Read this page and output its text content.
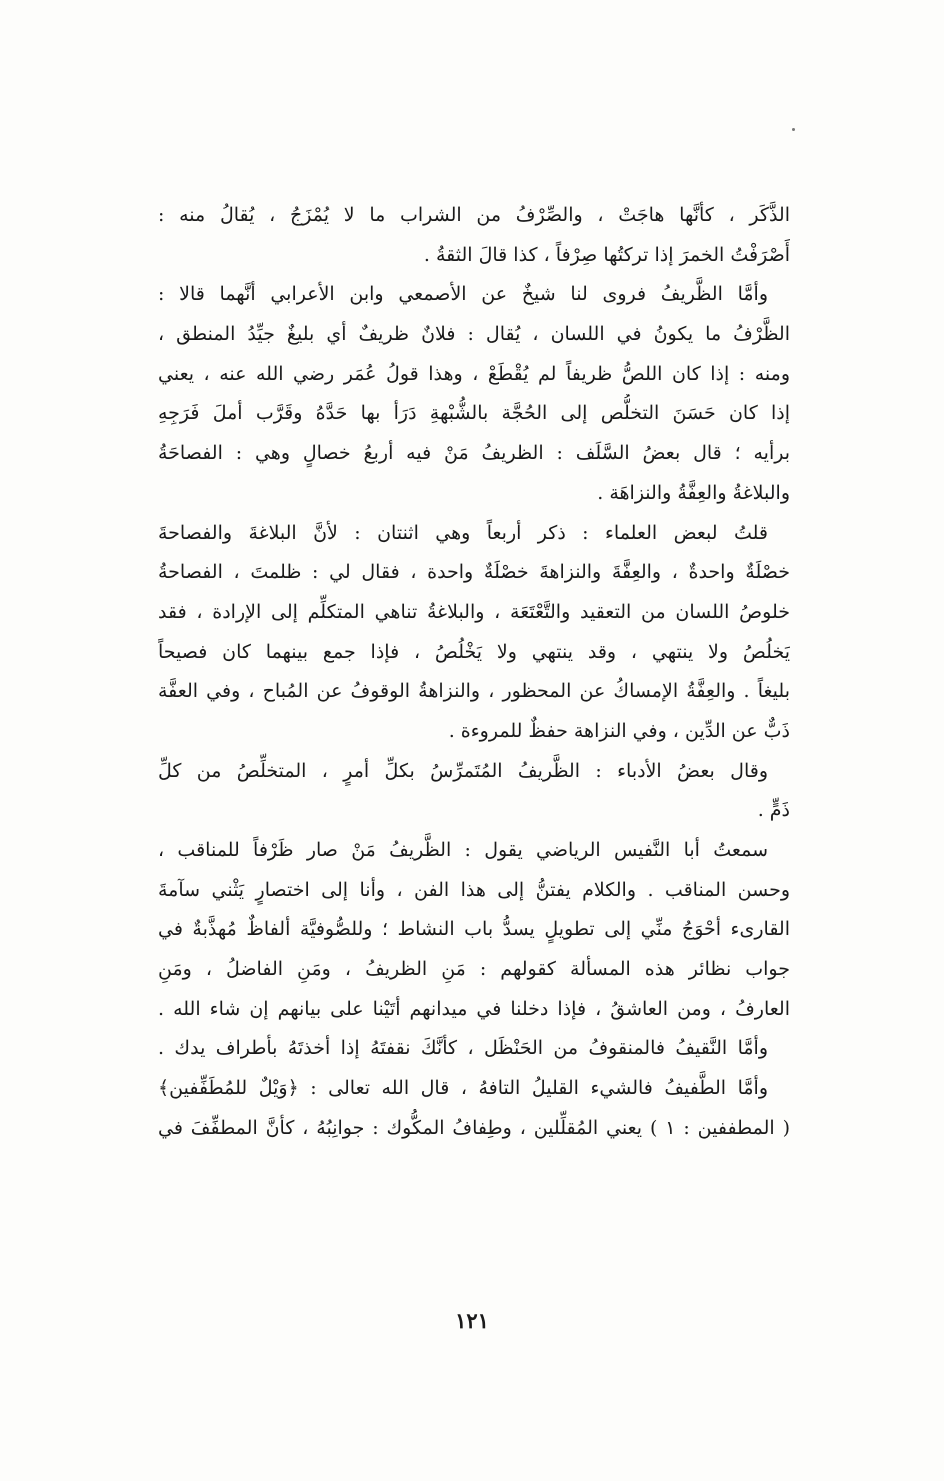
الذَّكَر ، كأنَّها هاجَتْ ، والصِّرْفُ من الشراب ما لا يُمْزَجُ ، يُقالُ منه :
أَصْرَفْتُ الخمرَ إذا تركتُها صِرْفاً ، كذا قالَ الثقةُ .
وأمَّا الظَّريفُ فروى لنا شيخٌ عن الأصمعي وابن الأعرابي أنَّهما قالا :
الظَّرْفُ ما يكونُ في اللسان ، يُقال : فلانٌ ظريفٌ أي بليغٌ جيِّدُ المنطق ،
ومنه : إذا كان اللصُّ ظريفاً لم يُقْطَعْ ، وهذا قولُ عُمَر رضي الله عنه ، يعني
إذا كان حَسَنَ التخلُّص إلى الحُجَّة بالشُّبْهةِ دَرَأ بها حَدَّهُ وقَرَّب أملَ فَرَجِهِ
برأيه ؛ قال بعضُ السَّلَف : الظريفُ مَنْ فيه أربعُ خصالٍ وهي : الفصاحَةُ
والبلاغةُ والعِفَّةُ والنزاهَة .
قلتُ لبعض العلماء : ذكر أربعاً وهي اثنتان : لأنَّ البلاغةَ والفصاحةَ
خصْلَةٌ واحدةٌ ، والعِفَّةَ والنزاهةَ خصْلَةٌ واحدة ، فقال لي : ظلمتَ ، الفصاحةُ
خلوصُ اللسان من التعقيد والتَّعْتَعَة ، والبلاغةُ تناهي المتكلِّم إلى الإرادة ، فقد
يَخلُصُ ولا ينتهي ، وقد ينتهي ولا يَخْلُصُ ، فإذا جمع بينهما كان فصيحاً
بليغاً . والعِفَّةُ الإمساكُ عن المحظور ، والنزاهةُ الوقوفُ عن المُباح ، وفي العفَّة
ذَبٌّ عن الدِّين ، وفي النزاهة حفظٌ للمروءة .
وقال بعضُ الأدباء : الظَّريفُ المُتَمرِّسُ بكلِّ أمرٍ ، المتخلِّصُ من كلِّ
ذَمٍّ .
سمعتُ أبا النَّفيس الرياضي يقول : الظَّريفُ مَنْ صار ظَرْفاً للمناقب ،
وحسن المناقب . والكلام يفتنُّ إلى هذا الفن ، وأنا إلى اختصارٍ يَثْني سآمةَ
القارىء أحْوَجُ منِّي إلى تطويلٍ يسدُّ باب النشاط ؛ وللصُّوفيَّة ألفاظٌ مُهذَّبةٌ في
جواب نظائر هذه المسألة كقولهم : مَنِ الظريفُ ، ومَنِ الفاضلُ ، ومَنِ
العارفُ ، ومن العاشقُ ، فإذا دخلنا في ميدانهم أتَيْنا على بيانهم إن شاء الله .
وأمَّا النَّقيفُ فالمنقوفُ من الحَنْظَل ، كأنَّكَ نقفتَهُ إذا أخذتَهُ بأطراف يدك .
وأمَّا الطَّفيفُ فالشيء القليلُ التافهُ ، قال الله تعالى : ﴿وَيْلٌ للمُطَفِّفين﴾
( المطففين : ١ ) يعني المُقلِّلين ، وطِفافُ المكُّوك : جوانِبُهُ ، كأنَّ المطفِّفَ في
١٢١
